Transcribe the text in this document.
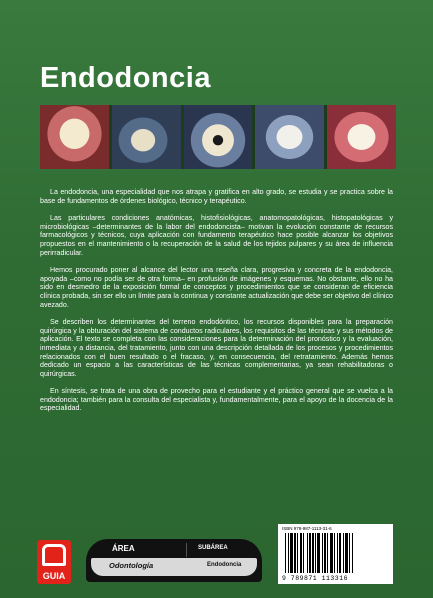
Endodoncia

La endodoncia, una especialidad que nos atrapa y gratifica en alto grado, se estudia y se practica sobre la base de fundamentos de órdenes biológico, técnico y terapéutico.

Las particulares condiciones anatómicas, histofisiológicas, anatomopatológicas, histopatológicas y microbiológicas –determinantes de la labor del endodoncista– motivan la evolución constante de recursos farmacológicos y técnicos, cuya aplicación con fundamento terapéutico hace posible alcanzar los objetivos propuestos en el mantenimiento o la recuperación de la salud de los tejidos pulpares y su área de influencia perirradicular.

Hemos procurado poner al alcance del lector una reseña clara, progresiva y concreta de la endodoncia, apoyada –como no podía ser de otra forma– en profusión de imágenes y esquemas. No obstante, ello no ha sido en desmedro de la exposición formal de conceptos y procedimientos que se consideran de eficiencia clínica probada, sin ser ello un límite para la continua y constante actualización que debe ser objetivo del clínico avezado.

Se describen los determinantes del terreno endodóntico, los recursos disponibles para la preparación quirúrgica y la obturación del sistema de conductos radiculares, los requisitos de las técnicas y sus métodos de aplicación. El texto se completa con las consideraciones para la determinación del pronóstico y la evaluación, inmediata y a distancia, del tratamiento, junto con una descripción detallada de los procesos y procedimientos relacionados con el buen resultado o el fracaso, y, en consecuencia, del retratamiento. Además hemos dedicado un espacio a las características de las técnicas complementarias, ya sean rehabilitadoras o quirúrgicas.

En síntesis, se trata de una obra de provecho para el estudiante y el práctico general que se vuelca a la endodoncia; también para la consulta del especialista y, fundamentalmente, para el apoyo de la docencia de la especialidad.

GUIA
ÁREA	SUBÁREA
Odontología	Endodoncia
ISBN 978-987-1113-31-6
9 789871 113316
